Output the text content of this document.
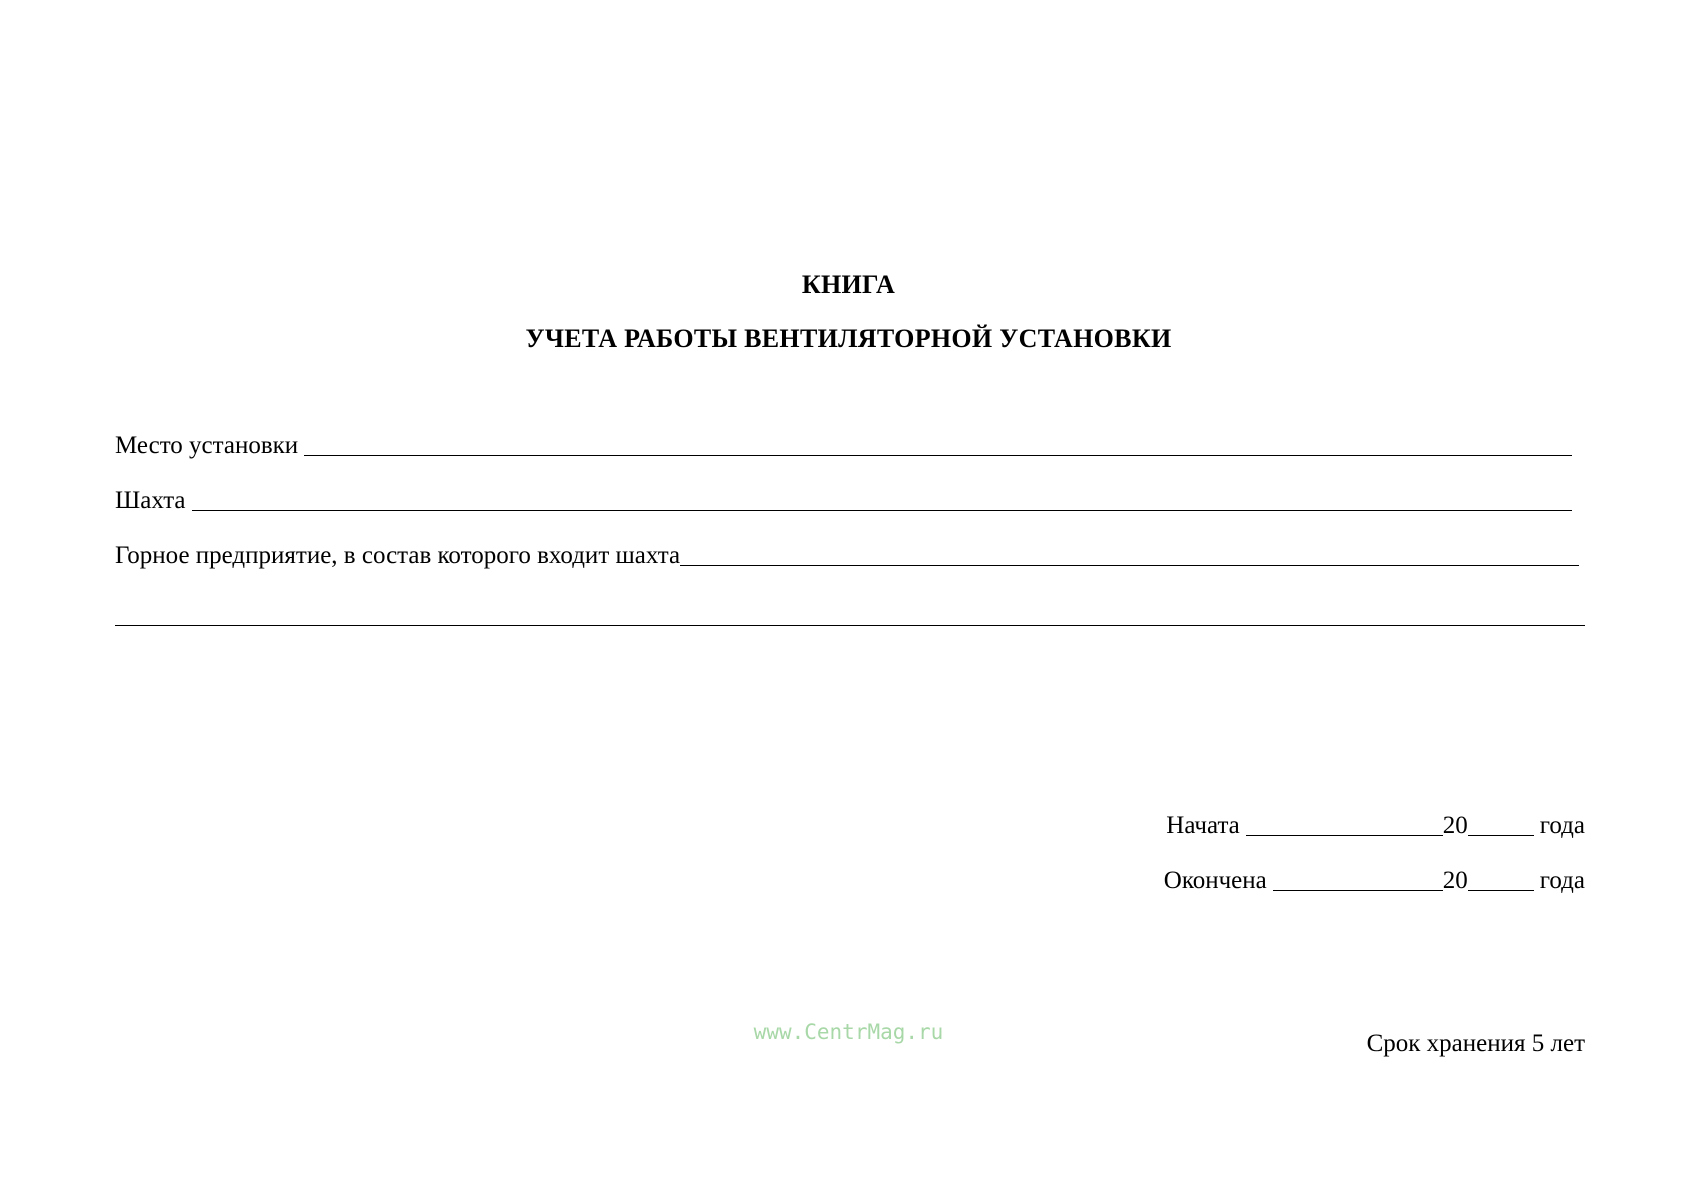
КНИГА
УЧЕТА РАБОТЫ ВЕНТИЛЯТОРНОЙ УСТАНОВКИ
Место установки
Шахта
Горное предприятие, в состав которого входит шахта
Начата	20	года
Окончена	20	года
www.CentrMag.ru	Срок хранения 5 лет
